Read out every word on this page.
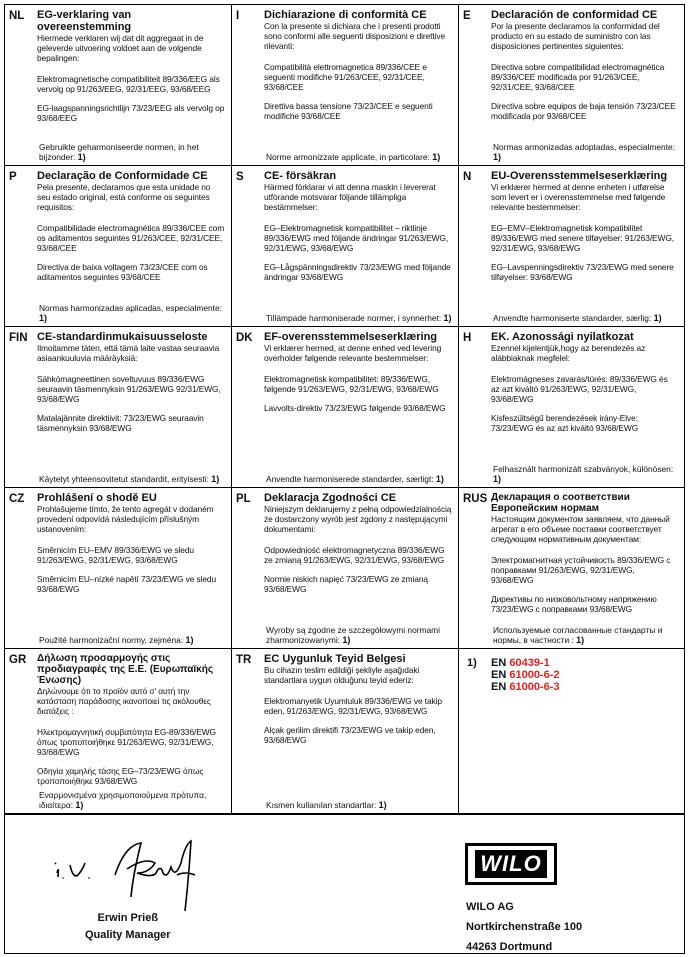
NL EG-verklaring van overeenstemming
Hiermede verklaren wij dat dit aggregaat in de geleverde uitvoering voldoet aan de volgende bepalingen:
Elektromagnetische compatibiliteit 89/336/EEG als vervolg op 91/263/EEG, 92/31/EEG, 93/68/EEG
EG-laagspanningsrichtlijn 73/23/EEG als vervolg op 93/68/EEG
Gebruikte geharmoniseerde normen, in het bijzonder: 1)
I Dichiarazione di conformità CE
Con la presente si dichiara che i presenti prodotti sono conformi alle seguenti disposizioni e direttive rilevanti:
Compatibilità elettromagnetica 89/336/CEE e seguenti modifiche 91/263/CEE, 92/31/CEE, 93/68/CEE
Direttiva bassa tensione 73/23/CEE e seguenti modifiche 93/68/CEE
Norme armonizzate applicate, in particolare: 1)
E Declaración de conformidad CE
Por la presente declaramos la conformidad del producto en su estado de suministro con las disposiciones pertinentes siguientes:
Directiva sobre compatibilidad electromagnética 89/336/CEE modificada por 91/263/CEE, 92/31/CEE, 93/68/CEE
Directiva sobre equipos de baja tensión 73/23/CEE modificada por 93/68/CEE
Normas armonizadas adoptadas, especialmente: 1)
P Declaração de Conformidade CE
Pela presente, declaramos que esta unidade no seu estado original, está conforme os seguintes requisitos:
Compatibilidade electromagnética 89/336/CEE com os aditamentos seguintes 91/263/CEE, 92/31/CEE, 93/68/CEE
Directiva de baixa voltagem 73/23/CEE com os aditamentos seguintes 93/68/CEE
Normas harmonizadas aplicadas, especialmente: 1)
S CE- försäkran
Härmed förklarar vi att denna maskin i levererat utförande motsvarar följande tillämpliga bestämmelser:
EG–Elektromagnetisk kompatibilitet – riktlinje 89/336/EWG med följande ändringar 91/263/EWG, 92/31/EWG, 93/68/EWG
EG–Lågspänningsdirektiv 73/23/EWG med följande ändringar 93/68/EWG
Tillämpade harmoniserade normer, i synnerhet: 1)
N EU-Overensstemmelseserklæring
Vi erklærer hermed at denne enheten i utførelse som levert er i overensstemmelse med følgende relevante bestemmelser:
EG–EMV–Elektromagnetisk kompatibilitet 89/336/EWG med senere tilføyelser: 91/263/EWG, 92/31/EWG, 93/68/EWG
EG–Lavspenningsdirektiv 73/23/EWG med senere tilføyelser: 93/68/EWG
Anvendte harmoniserte standarder, særlig: 1)
FIN CE-standardinmukaisuusseloste
Ilmoitamme täten, että tämä laite vastaa seuraavia asiaankuuluvia määräyksiä:
Sähkömagneettinen soveltuvuus 89/336/EWG seuraavin täsmennyksin 91/263/EWG 92/31/EWG, 93/68/EWG
Matalajännite direktiivit: 73/23/EWG seuraavin täsmennyksin 93/68/EWG
Käytetyt yhteensovitetut standardit, erityisesti: 1)
DK EF-overensstemmelseserklæring
Vi erklærer hermed, at denne enhed ved levering overholder følgende relevante bestemmelser:
Elektromagnetisk kompatibilitet: 89/336/EWG, følgende 91/263/EWG, 92/31/EWG, 93/68/EWG
Lavvolts-direktiv 73/23/EWG følgende 93/68/EWG
Anvendte harmoniserede standarder, særligt: 1)
H EK. Azonossági nyilatkozat
Ezennel kijelentjük,hogy az berendezés az alábbiaknak megfelel:
Elektromágneses zavarás/türés: 89/336/EWG és az azt kiváltó 91/263/EWG, 92/31/EWG, 93/68/EWG
Kisfeszültségű berendezések irány-Elve: 73/23/EWG és az azt kiváltó 93/68/EWG
Felhasznált harmonizált szabványok, különösen: 1)
CZ Prohlášení o shodě EU
Prohlašujeme tímto, že tento agregát v dodaném provedení odpovídá následujícím příslušným ustanovením:
Směrnicím EU–EMV 89/336/EWG ve sledu 91/263/EWG, 92/31/EWG, 93/68/EWG
Směrnicím EU–nízké napětí 73/23/EWG ve sledu 93/68/EWG
Použité harmonizační normy, zejména: 1)
PL Deklaracja Zgodności CE
Niniejszym deklarujemy z pełną odpowiedzialnością że dostarczony wyrób jest zgdony z następującymi dokumentami:
Odpowiedniość elektromagnetyczna 89/336/EWG ze zmianą 91/263/EWG, 92/31/EWG, 93/68/EWG
Normie niskich napięć 73/23/EWG ze zmianą 93/68/EWG
Wyroby są zgodne ze szczegółowymi normami zharmonizowanymi: 1)
RUS Декларация о соответствии Европейским нормам
Настоящим документом заявляем, что данный агрегат в его объеме поставки соответствует следующим нормативным документам:
Электромагнитная устойчивость 89/336/EWG с поправками 91/263/EWG, 92/31/EWG, 93/68/EWG
Директивы по низковольтному напряжению 73/23/EWG с поправками 93/68/EWG
Используемые согласованные стандарты и нормы, в частности : 1)
GR Δήλωση προσαρμογής στις προδιαγραφές της Ε.Ε. (Ευρωπαϊκής Ένωσης)
Δηλώνουμε ότι το προϊόν αυτό σ' αυτή την κατάσταση παράδοσης ικανοποιεί τις ακόλουθες διατάξεις :
Ηλεκτρομαγνητική συμβατότητα EG-89/336/EWG όπως τροποποιήθηκε 91/263/EWG, 92/31/EWG, 93/68/EWG
Οδηγία χαμηλής τάσης EG–73/23/EWG όπως τροποποιήθηκε 93/68/EWG
Εναρμονισμένα χρησιμοποιούμενα πρότυπα, ιδιαίτερα: 1)
TR EC Uygunluk Teyid Belgesi
Bu cihazın teslim edildiği şekliyle aşağıdaki standartlara uygun olduğunu teyid ederiz:
Elektromanyetik Uyumluluk 89/336/EWG ve takip eden, 91/263/EWG, 92/31/EWG, 93/68/EWG
Alçak gerilim direktifi 73/23/EWG ve takip eden, 93/68/EWG
Kısmen kullanılan standartlar: 1)
1) EN 60439-1
EN 61000-6-2
EN 61000-6-3
Erwin Prieß
Quality Manager
WILO
WILO AG
Nortkirchenstraße 100
44263 Dortmund
